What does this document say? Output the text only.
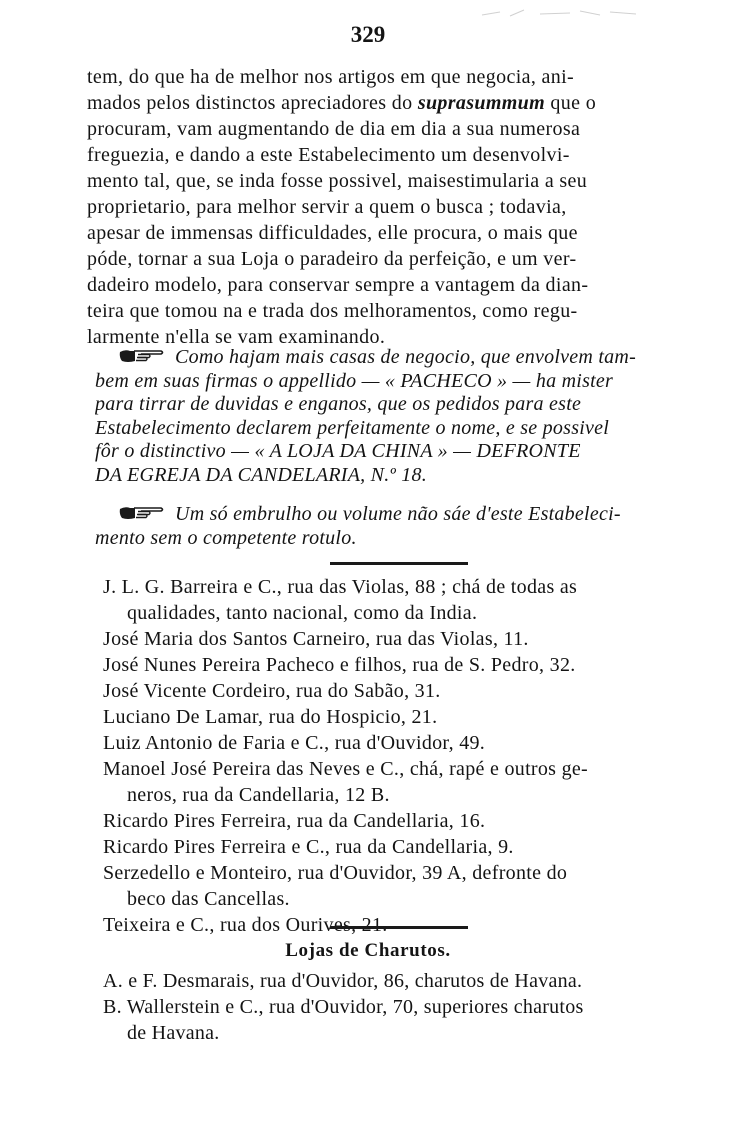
329
tem, do que ha de melhor nos artigos em que negocia, ani-
mados pelos distinctos apreciadores do suprasummum que o
procuram, vam augmentando de dia em dia a sua numerosa
freguezia, e dando a este Estabelecimento um desenvolvi-
mento tal, que, se inda fosse possivel, maisestimularia a seu
proprietario, para melhor servir a quem o busca ; todavia,
apesar de immensas difficuldades, elle procura, o mais que
póde, tornar a sua Loja o paradeiro da perfeição, e um ver-
dadeiro modelo, para conservar sempre a vantagem da dian-
teira que tomou na e trada dos melhoramentos, como regu-
larmente n'ella se vam examinando.
Como hajam mais casas de negocio, que envolvem tam-
bem em suas firmas o appellido — « PACHECO » — ha mister
para tirrar de duvidas e enganos, que os pedidos para este
Estabelecimento declarem perfeitamente o nome, e se possivel
fôr o distinctivo — « A LOJA DA CHINA » — DEFRONTE
DA EGREJA DA CANDELARIA, N.º 18.
Um só embrulho ou volume não sáe d'este Estabeleci-
mento sem o competente rotulo.
J. L. G. Barreira e C., rua das Violas, 88 ; chá de todas as
qualidades, tanto nacional, como da India.
José Maria dos Santos Carneiro, rua das Violas, 11.
José Nunes Pereira Pacheco e filhos, rua de S. Pedro, 32.
José Vicente Cordeiro, rua do Sabão, 31.
Luciano De Lamar, rua do Hospicio, 21.
Luiz Antonio de Faria e C., rua d'Ouvidor, 49.
Manoel José Pereira das Neves e C., chá, rapé e outros ge-
neros, rua da Candellaria, 12 B.
Ricardo Pires Ferreira, rua da Candellaria, 16.
Ricardo Pires Ferreira e C., rua da Candellaria, 9.
Serzedello e Monteiro, rua d'Ouvidor, 39 A, defronte do
beco das Cancellas.
Teixeira e C., rua dos Ourives, 21.
Lojas de Charutos.
A. e F. Desmarais, rua d'Ouvidor, 86, charutos de Havana.
B. Wallerstein e C., rua d'Ouvidor, 70, superiores charutos
de Havana.
